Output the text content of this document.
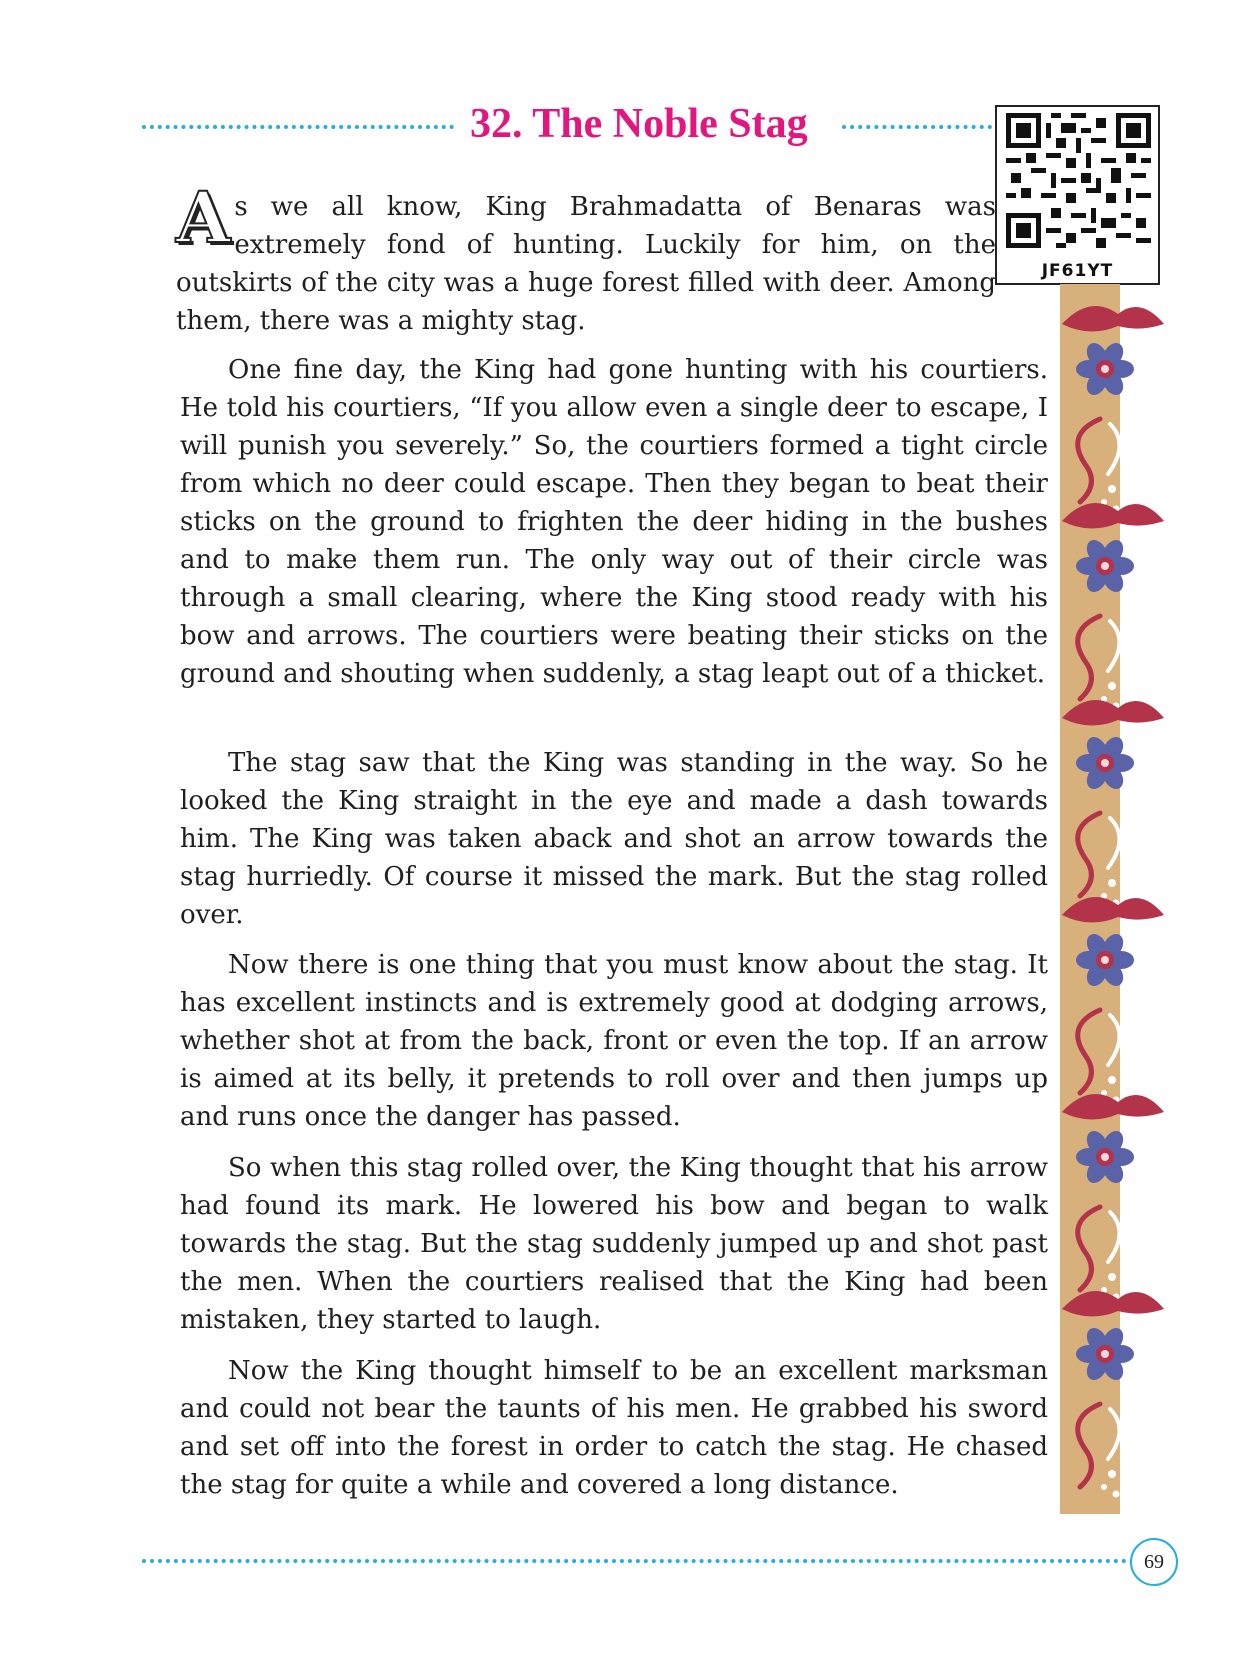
32. The Noble Stag
JF61YT

As we all know, King Brahmadatta of Benaras was extremely fond of hunting. Luckily for him, on the outskirts of the city was a huge forest filled with deer. Among them, there was a mighty stag.

One fine day, the King had gone hunting with his courtiers. He told his courtiers, “If you allow even a single deer to escape, I will punish you severely.” So, the courtiers formed a tight circle from which no deer could escape. Then they began to beat their sticks on the ground to frighten the deer hiding in the bushes and to make them run. The only way out of their circle was through a small clearing, where the King stood ready with his bow and arrows. The courtiers were beating their sticks on the ground and shouting when suddenly, a stag leapt out of a thicket.

The stag saw that the King was standing in the way. So he looked the King straight in the eye and made a dash towards him. The King was taken aback and shot an arrow towards the stag hurriedly. Of course it missed the mark. But the stag rolled over.

Now there is one thing that you must know about the stag. It has excellent instincts and is extremely good at dodging arrows, whether shot at from the back, front or even the top. If an arrow is aimed at its belly, it pretends to roll over and then jumps up and runs once the danger has passed.

So when this stag rolled over, the King thought that his arrow had found its mark. He lowered his bow and began to walk towards the stag. But the stag suddenly jumped up and shot past the men. When the courtiers realised that the King had been mistaken, they started to laugh.

Now the King thought himself to be an excellent marksman and could not bear the taunts of his men. He grabbed his sword and set off into the forest in order to catch the stag. He chased the stag for quite a while and covered a long distance.

69
